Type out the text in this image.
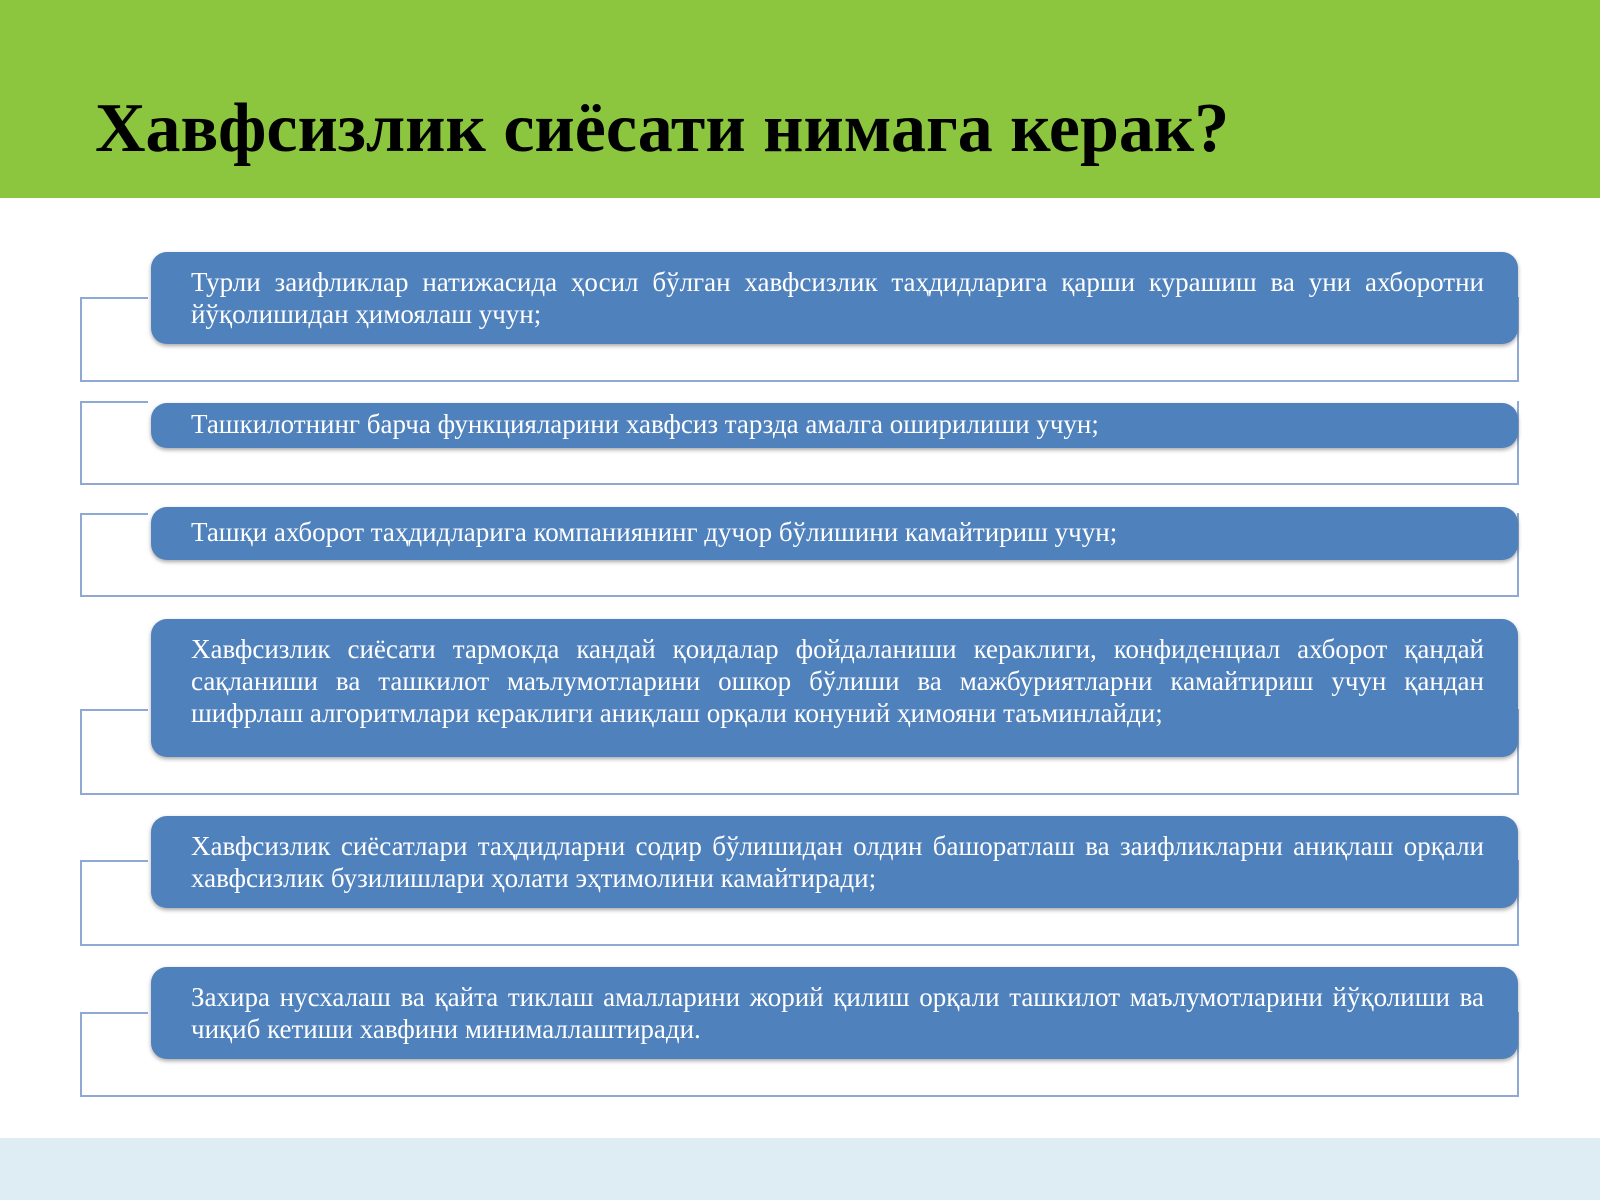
Хавфсизлик сиёсати нимага керак?
Турли заифликлар натижасида ҳосил бўлган хавфсизлик таҳдидларига қарши курашиш ва уни ахборотни йўқолишидан ҳимоялаш учун;
Ташкилотнинг барча функцияларини хавфсиз тарзда амалга оширилиши учун;
Ташқи ахборот таҳдидларига компаниянинг дучор бўлишини камайтириш учун;
Хавфсизлик сиёсати тармокда кандай қоидалар фойдаланиши кераклиги, конфиденциал ахборот қандай сақланиши ва ташкилот маълумотларини ошкор бўлиши ва мажбуриятларни камайтириш учун қандан шифрлаш алгоритмлари кераклиги аниқлаш орқали конуний ҳимояни таъминлайди;
Хавфсизлик сиёсатлари таҳдидларни содир бўлишидан олдин башоратлаш ва заифликларни аниқлаш орқали хавфсизлик бузилишлари ҳолати эҳтимолини камайтиради;
Захира нусхалаш ва қайта тиклаш амалларини жорий қилиш орқали ташкилот маълумотларини йўқолиши ва чиқиб кетиши хавфини минималлаштиради.
